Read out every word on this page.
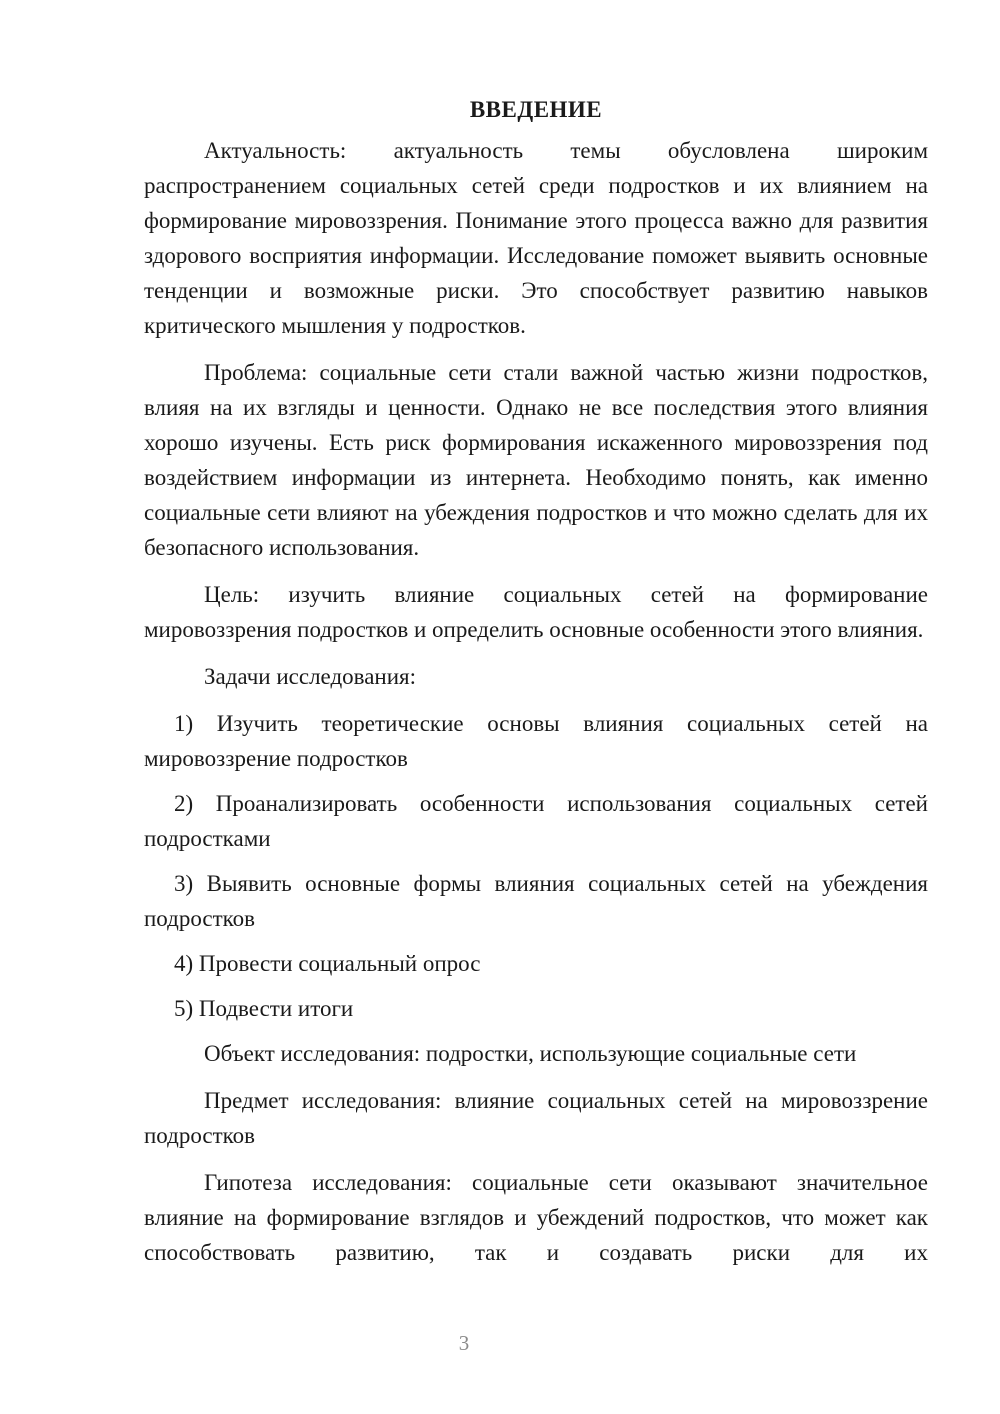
ВВЕДЕНИЕ

Актуальность: актуальность темы обусловлена широким распространением социальных сетей среди подростков и их влиянием на формирование мировоззрения. Понимание этого процесса важно для развития здорового восприятия информации. Исследование поможет выявить основные тенденции и возможные риски. Это способствует развитию навыков критического мышления у подростков.

Проблема: социальные сети стали важной частью жизни подростков, влияя на их взгляды и ценности. Однако не все последствия этого влияния хорошо изучены. Есть риск формирования искаженного мировоззрения под воздействием информации из интернета. Необходимо понять, как именно социальные сети влияют на убеждения подростков и что можно сделать для их безопасного использования.

Цель: изучить влияние социальных сетей на формирование мировоззрения подростков и определить основные особенности этого влияния.

Задачи исследования:

1) Изучить теоретические основы влияния социальных сетей на мировоззрение подростков

2) Проанализировать особенности использования социальных сетей подростками

3) Выявить основные формы влияния социальных сетей на убеждения подростков

4) Провести социальный опрос

5) Подвести итоги

Объект исследования: подростки, использующие социальные сети

Предмет исследования: влияние социальных сетей на мировоззрение подростков

Гипотеза исследования: социальные сети оказывают значительное влияние на формирование взглядов и убеждений подростков, что может как способствовать развитию, так и создавать риски для их

3
